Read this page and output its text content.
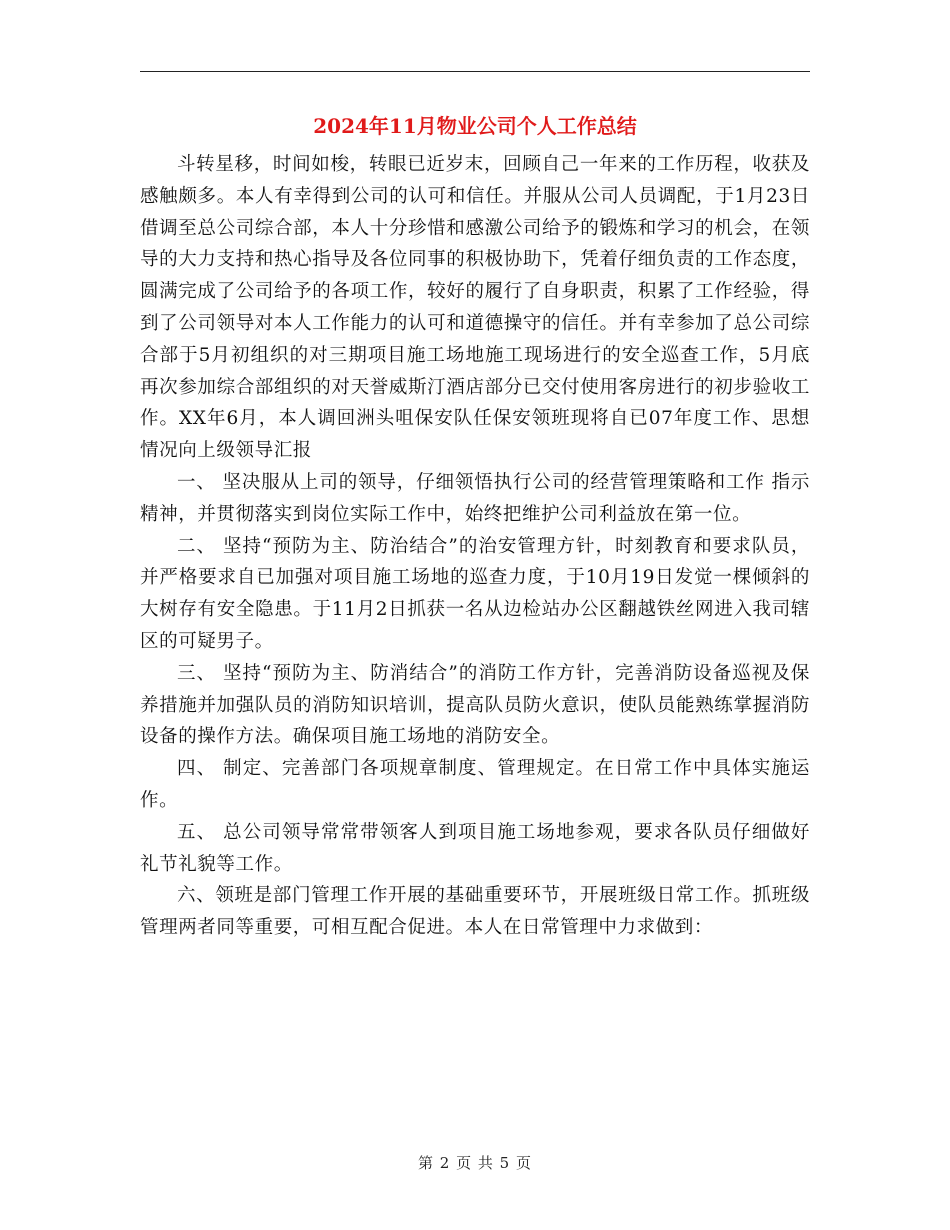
2024年11月物业公司个人工作总结

斗转星移，时间如梭，转眼已近岁末，回顾自己一年来的工作历程，收获及感触颇多。本人有幸得到公司的认可和信任。并服从公司人员调配，于1月23日借调至总公司综合部，本人十分珍惜和感激公司给予的锻炼和学习的机会，在领导的大力支持和热心指导及各位同事的积极协助下，凭着仔细负责的工作态度，圆满完成了公司给予的各项工作，较好的履行了自身职责，积累了工作经验，得到了公司领导对本人工作能力的认可和道德操守的信任。并有幸参加了总公司综合部于5月初组织的对三期项目施工场地施工现场进行的安全巡查工作，5月底再次参加综合部组织的对天誉威斯汀酒店部分已交付使用客房进行的初步验收工作。XX年6月，本人调回洲头咀保安队任保安领班现将自已07年度工作、思想情况向上级领导汇报

一、 坚决服从上司的领导，仔细领悟执行公司的经营管理策略和工作 指示精神，并贯彻落实到岗位实际工作中，始终把维护公司利益放在第一位。

二、 坚持“预防为主、防治结合”的治安管理方针，时刻教育和要求队员，并严格要求自已加强对项目施工场地的巡查力度，于10月19日发觉一棵倾斜的大树存有安全隐患。于11月2日抓获一名从边检站办公区翻越铁丝网进入我司辖区的可疑男子。

三、 坚持“预防为主、防消结合”的消防工作方针，完善消防设备巡视及保养措施并加强队员的消防知识培训，提高队员防火意识，使队员能熟练掌握消防设备的操作方法。确保项目施工场地的消防安全。

四、 制定、完善部门各项规章制度、管理规定。在日常工作中具体实施运作。

五、 总公司领导常常带领客人到项目施工场地参观，要求各队员仔细做好礼节礼貌等工作。

六、领班是部门管理工作开展的基础重要环节，开展班级日常工作。抓班级管理两者同等重要，可相互配合促进。本人在日常管理中力求做到：

第 2 页 共 5 页
